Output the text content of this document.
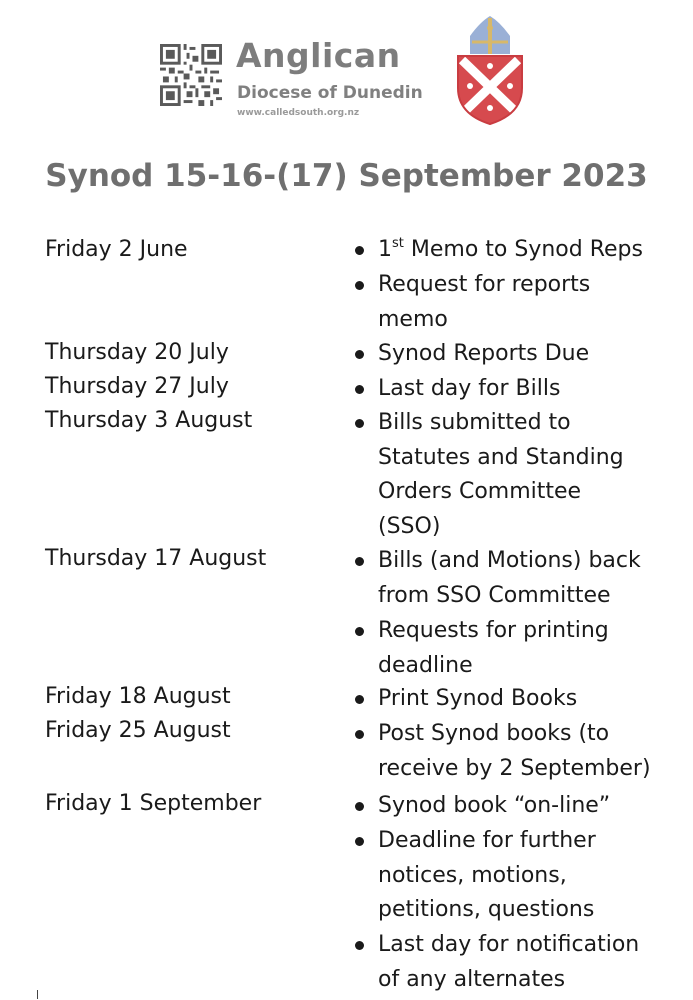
Anglican
Diocese of Dunedin
www.calledsouth.org.nz
Synod 15-16-(17) September 2023
Friday 2 June
Thursday 20 July
Thursday 27 July
Thursday 3 August
Thursday 17 August
Friday 18 August
Friday 25 August
Friday 1 September
1st Memo to Synod Reps
Request for reports
memo
Synod Reports Due
Last day for Bills
Bills submitted to
Statutes and Standing
Orders Committee
(SSO)
Bills (and Motions) back
from SSO Committee
Requests for printing
deadline
Print Synod Books
Post Synod books (to
receive by 2 September)
Synod book “on-line”
Deadline for further
notices, motions,
petitions, questions
Last day for notification
of any alternates
